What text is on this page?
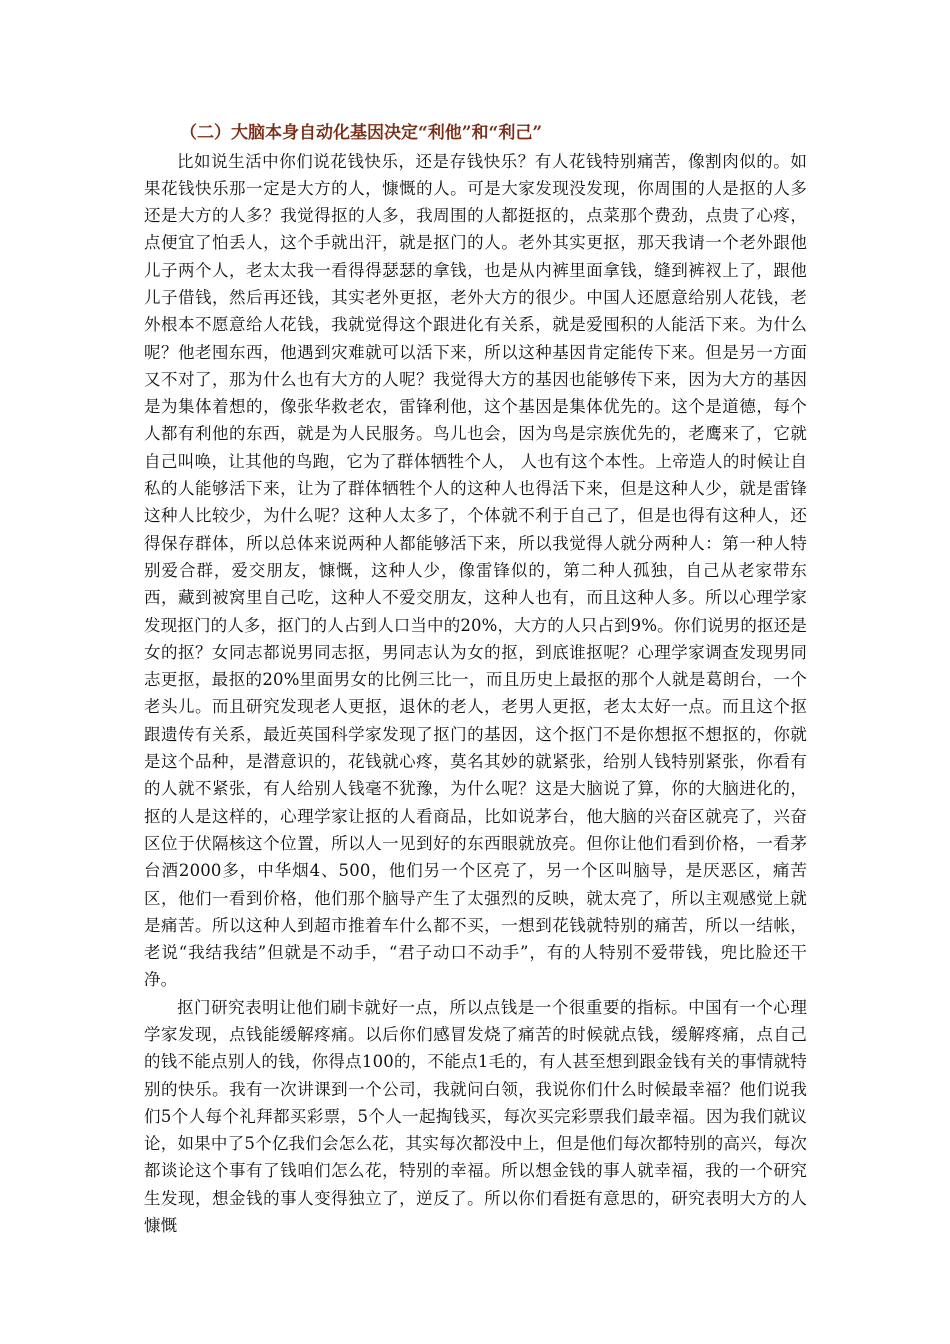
（二）大脑本身自动化基因决定“利他”和“利己”

比如说生活中你们说花钱快乐，还是存钱快乐？有人花钱特别痛苦，像割肉似的。如果花钱快乐那一定是大方的人，慷慨的人。可是大家发现没发现，你周围的人是抠的人多还是大方的人多？我觉得抠的人多，我周围的人都挺抠的，点菜那个费劲，点贵了心疼，点便宜了怕丢人，这个手就出汗，就是抠门的人。老外其实更抠，那天我请一个老外跟他儿子两个人，老太太我一看得得瑟瑟的拿钱，也是从内裤里面拿钱，缝到裤衩上了，跟他儿子借钱，然后再还钱，其实老外更抠，老外大方的很少。中国人还愿意给别人花钱，老外根本不愿意给人花钱，我就觉得这个跟进化有关系，就是爱囤积的人能活下来。为什么呢？他老囤东西，他遇到灾难就可以活下来，所以这种基因肯定能传下来。但是另一方面又不对了，那为什么也有大方的人呢？我觉得大方的基因也能够传下来，因为大方的基因是为集体着想的，像张华救老农，雷锋利他，这个基因是集体优先的。这个是道德，每个人都有利他的东西，就是为人民服务。鸟儿也会，因为鸟是宗族优先的，老鹰来了，它就自己叫唤，让其他的鸟跑，它为了群体牺牲个人， 人也有这个本性。上帝造人的时候让自私的人能够活下来，让为了群体牺牲个人的这种人也得活下来，但是这种人少，就是雷锋这种人比较少，为什么呢？这种人太多了，个体就不利于自己了，但是也得有这种人，还得保存群体，所以总体来说两种人都能够活下来，所以我觉得人就分两种人：第一种人特别爱合群，爱交朋友，慷慨，这种人少，像雷锋似的，第二种人孤独，自己从老家带东西，藏到被窝里自己吃，这种人不爱交朋友，这种人也有，而且这种人多。所以心理学家发现抠门的人多，抠门的人占到人口当中的20%，大方的人只占到9%。你们说男的抠还是女的抠？女同志都说男同志抠，男同志认为女的抠，到底谁抠呢？心理学家调查发现男同志更抠，最抠的20%里面男女的比例三比一，而且历史上最抠的那个人就是葛朗台，一个老头儿。而且研究发现老人更抠，退休的老人，老男人更抠，老太太好一点。而且这个抠跟遗传有关系，最近英国科学家发现了抠门的基因，这个抠门不是你想抠不想抠的，你就是这个品种，是潜意识的，花钱就心疼，莫名其妙的就紧张，给别人钱特别紧张，你看有的人就不紧张，有人给别人钱毫不犹豫，为什么呢？这是大脑说了算，你的大脑进化的，抠的人是这样的，心理学家让抠的人看商品，比如说茅台，他大脑的兴奋区就亮了，兴奋区位于伏隔核这个位置，所以人一见到好的东西眼就放亮。但你让他们看到价格，一看茅台酒2000多，中华烟4、500，他们另一个区亮了，另一个区叫脑导，是厌恶区，痛苦区，他们一看到价格，他们那个脑导产生了太强烈的反映，就太亮了，所以主观感觉上就是痛苦。所以这种人到超市推着车什么都不买，一想到花钱就特别的痛苦，所以一结帐，老说“我结我结”但就是不动手，“君子动口不动手”，有的人特别不爱带钱，兜比脸还干净。

抠门研究表明让他们刷卡就好一点，所以点钱是一个很重要的指标。中国有一个心理学家发现，点钱能缓解疼痛。以后你们感冒发烧了痛苦的时候就点钱，缓解疼痛，点自己的钱不能点别人的钱，你得点100的，不能点1毛的，有人甚至想到跟金钱有关的事情就特别的快乐。我有一次讲课到一个公司，我就问白领，我说你们什么时候最幸福？他们说我们5个人每个礼拜都买彩票，5个人一起掏钱买，每次买完彩票我们最幸福。因为我们就议论，如果中了5个亿我们会怎么花，其实每次都没中上，但是他们每次都特别的高兴，每次都谈论这个事有了钱咱们怎么花，特别的幸福。所以想金钱的事人就幸福，我的一个研究生发现，想金钱的事人变得独立了，逆反了。所以你们看挺有意思的，研究表明大方的人慷慨
